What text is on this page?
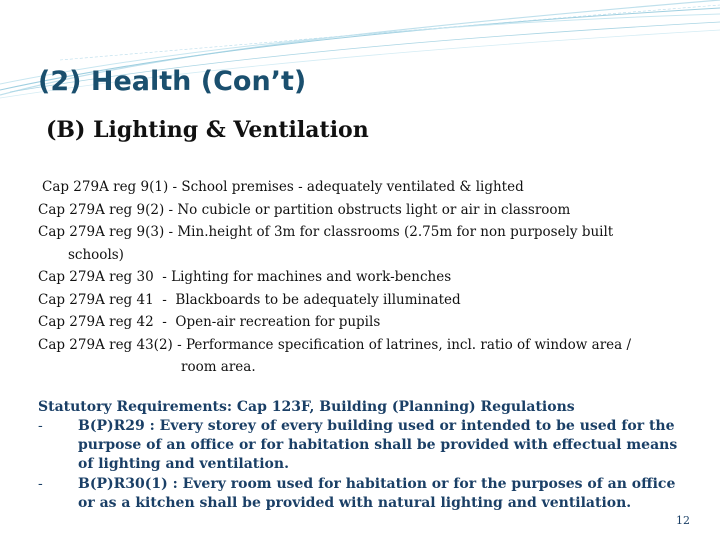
(2) Health (Con’t)
(B) Lighting & Ventilation
Cap 279A reg 9(1) - School premises - adequately ventilated & lighted
Cap 279A reg 9(2) - No cubicle or partition obstructs light or air in classroom
Cap 279A reg 9(3) - Min.height of 3m for classrooms (2.75m for non purposely built
schools)
Cap 279A reg 30 - Lighting for machines and work-benches
Cap 279A reg 41 -  Blackboards to be adequately illuminated
Cap 279A reg 42 -  Open-air recreation for pupils
Cap 279A reg 43(2) - Performance specification of latrines, incl. ratio of window area /
room area.
Statutory Requirements: Cap 123F, Building (Planning) Regulations
-	B(P)R29 : Every storey of every building used or intended to be used for the purpose of an office or for habitation shall be provided with effectual means of lighting and ventilation.
-	B(P)R30(1) : Every room used for habitation or for the purposes of an office or as a kitchen shall be provided with natural lighting and ventilation.
12
